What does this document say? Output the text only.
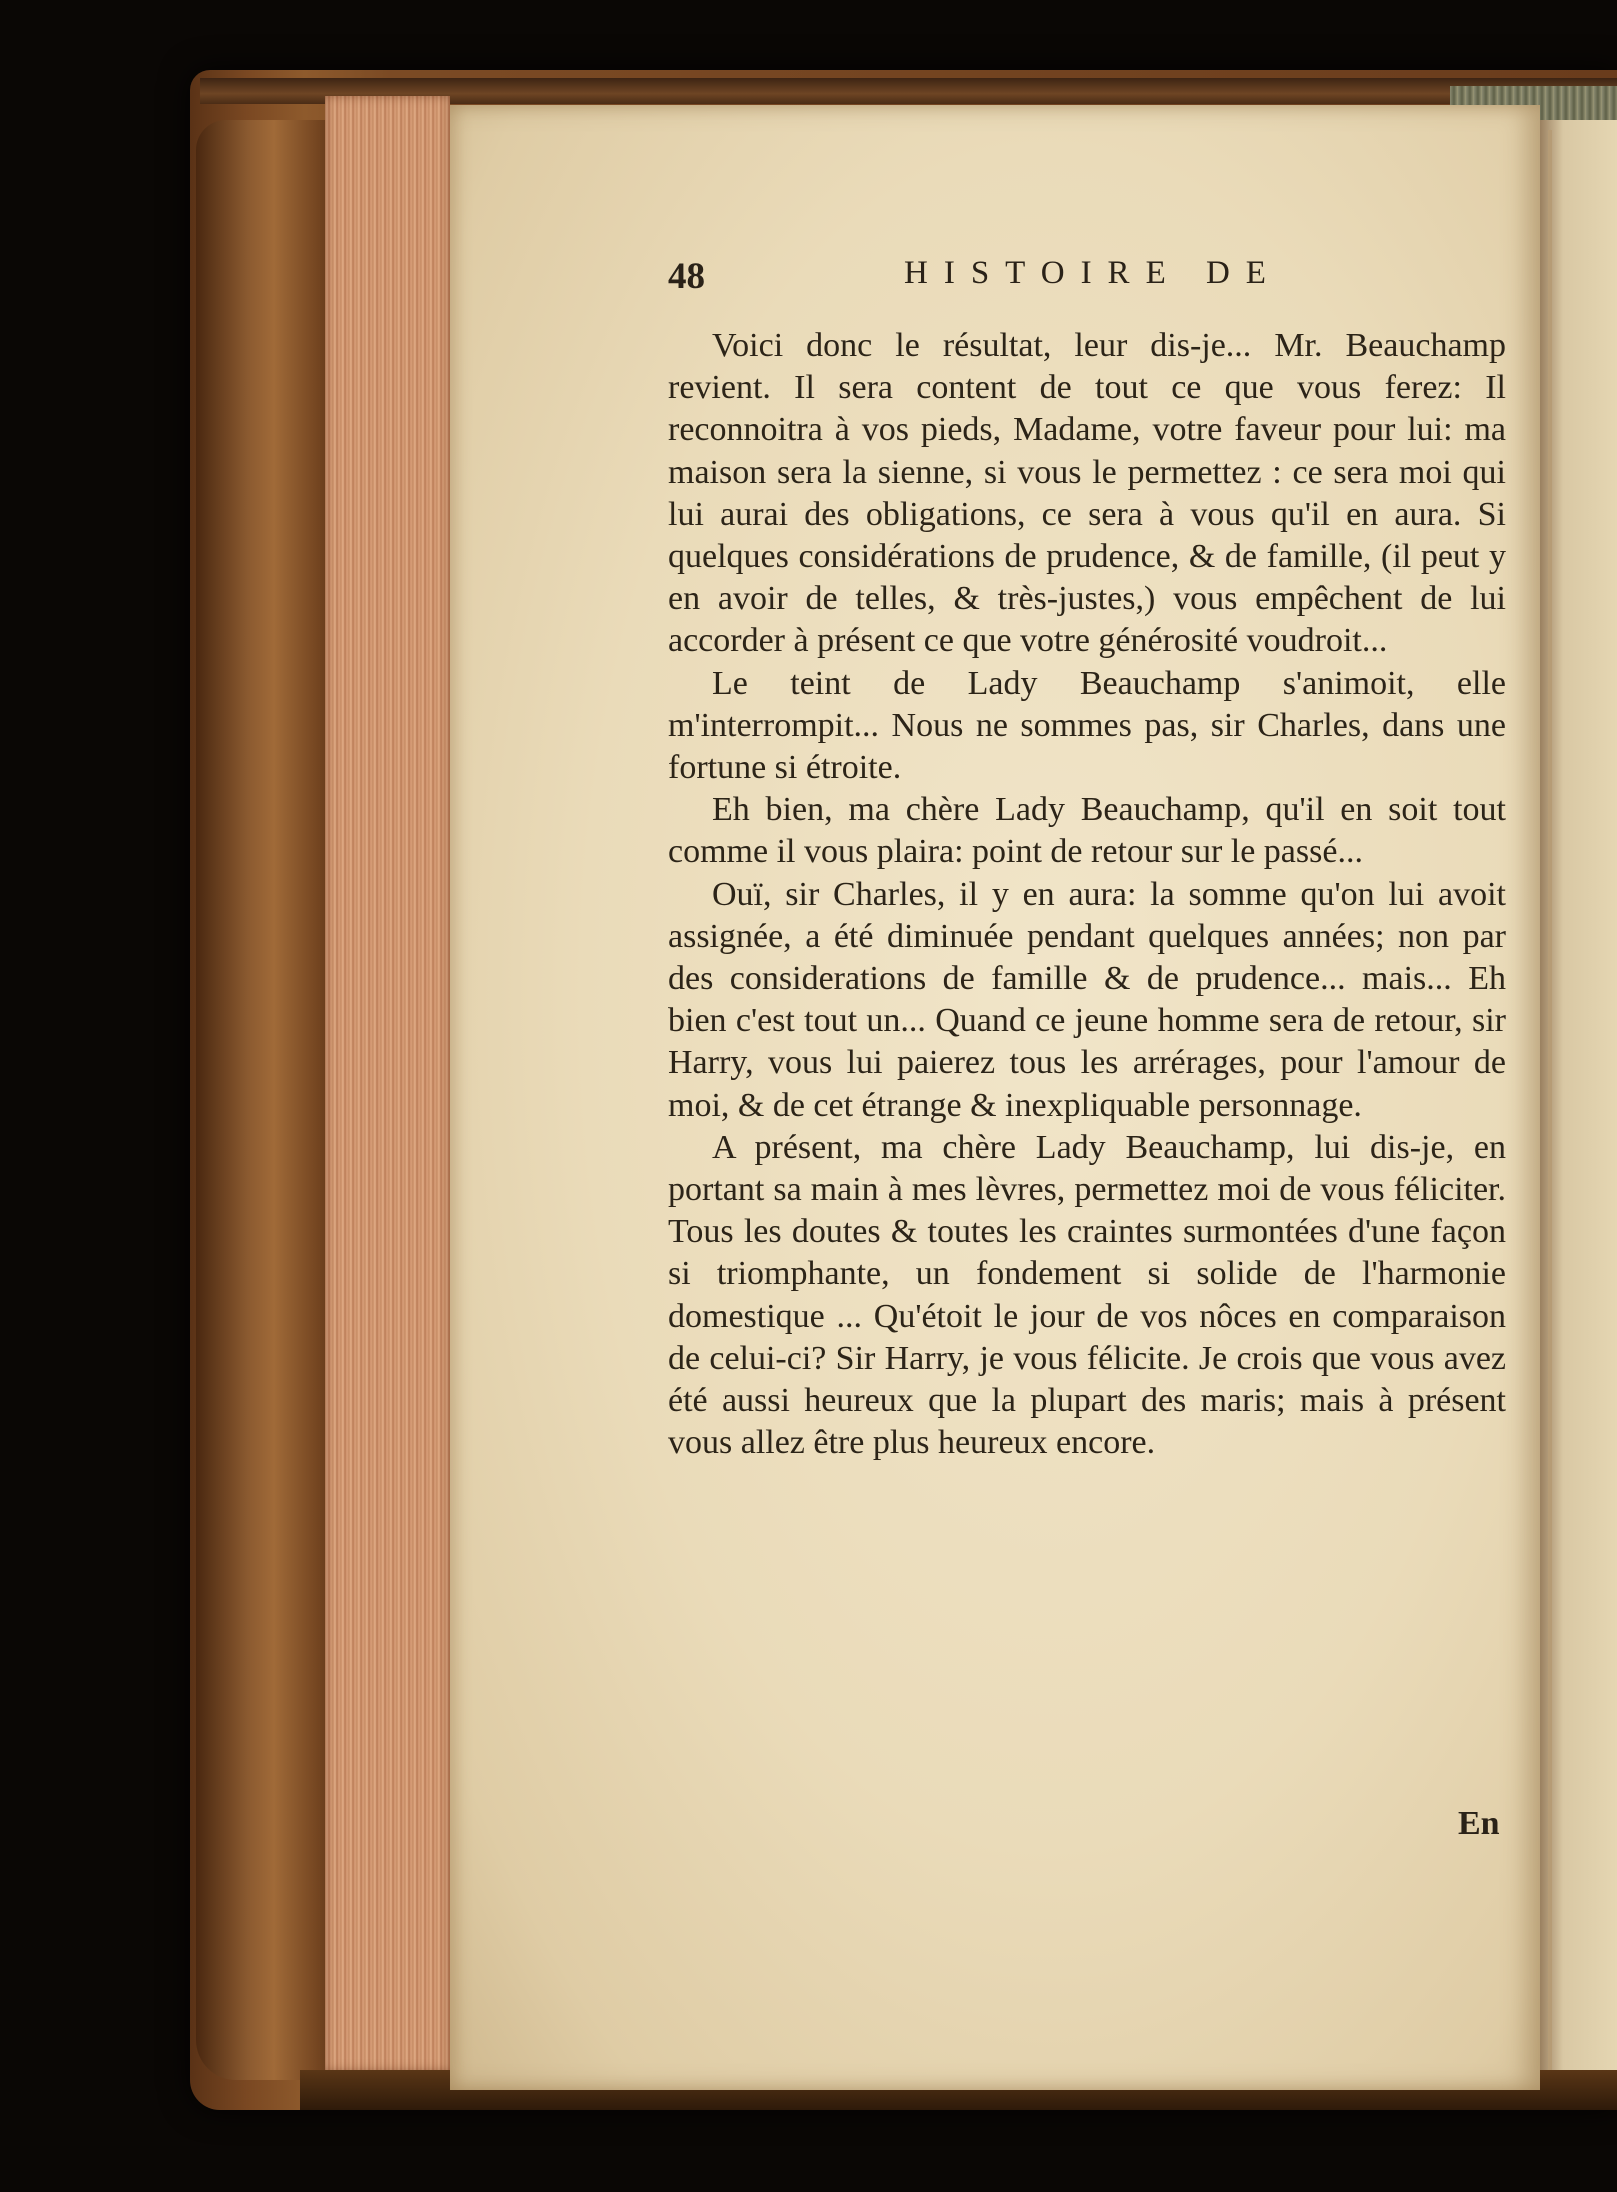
48	HISTOIRE DE

Voici donc le résultat, leur dis-je... Mr. Beauchamp revient. Il sera content de tout ce que vous ferez: Il reconnoitra à vos pieds, Madame, votre faveur pour lui: ma maison sera la sienne, si vous le permettez : ce sera moi qui lui aurai des obligations, ce sera à vous qu'il en aura. Si quelques considérations de prudence, & de famille, (il peut y en avoir de telles, & très-justes,) vous empêchent de lui accorder à présent ce que votre générosité voudroit...

Le teint de Lady Beauchamp s'animoit, elle m'interrompit... Nous ne sommes pas, sir Charles, dans une fortune si étroite.

Eh bien, ma chère Lady Beauchamp, qu'il en soit tout comme il vous plaira: point de retour sur le passé...

Ouï, sir Charles, il y en aura: la somme qu'on lui avoit assignée, a été diminuée pendant quelques années; non par des considerations de famille & de prudence... mais... Eh bien c'est tout un... Quand ce jeune homme sera de retour, sir Harry, vous lui paierez tous les arrérages, pour l'amour de moi, & de cet étrange & inexpliquable personnage.

A présent, ma chère Lady Beauchamp, lui dis-je, en portant sa main à mes lèvres, permettez moi de vous féliciter. Tous les doutes & toutes les craintes surmontées d'une façon si triomphante, un fondement si solide de l'harmonie domestique ... Qu'étoit le jour de vos nôces en comparaison de celui-ci? Sir Harry, je vous félicite. Je crois que vous avez été aussi heureux que la plupart des maris; mais à présent vous allez être plus heureux encore.

En
